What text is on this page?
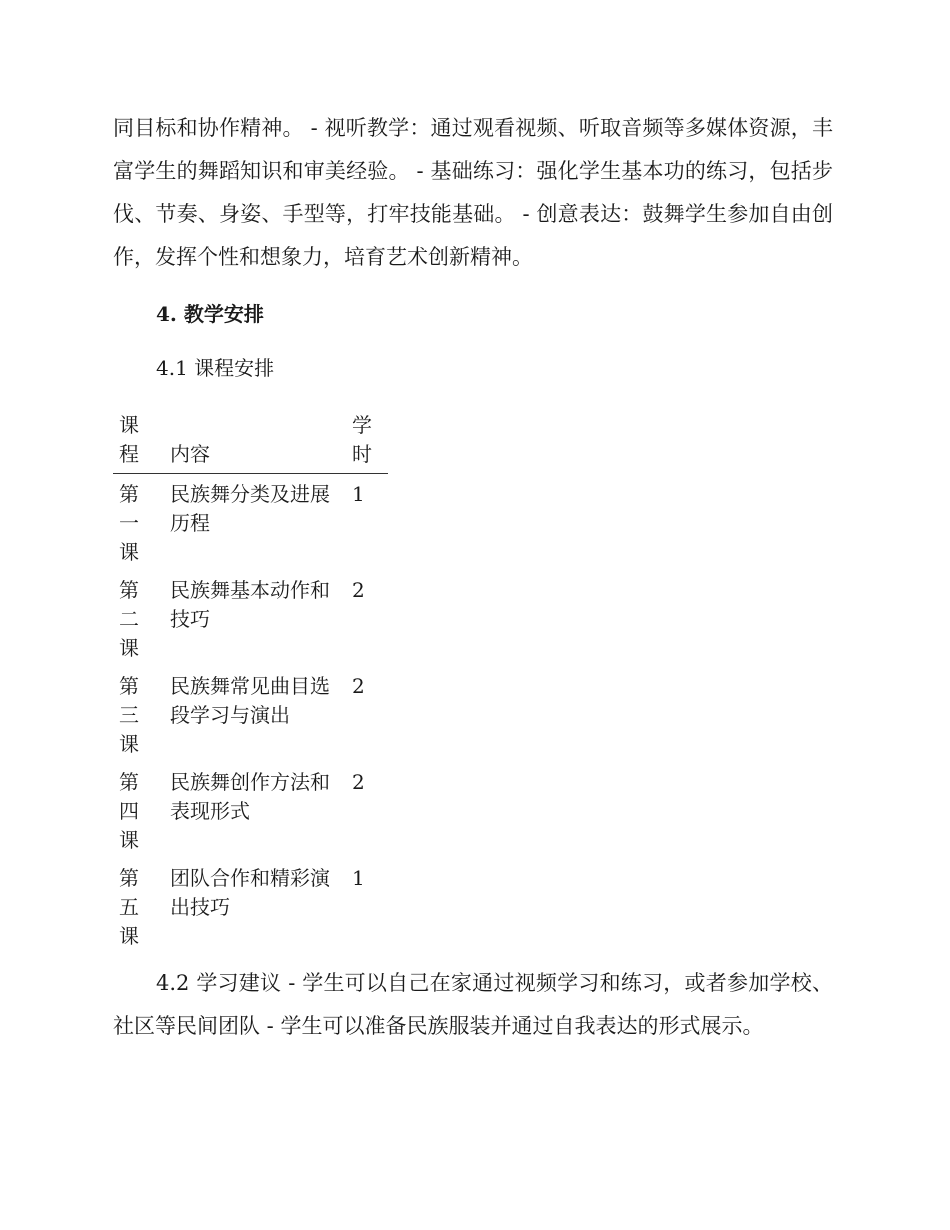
同目标和协作精神。 - 视听教学：通过观看视频、听取音频等多媒体资源，丰富学生的舞蹈知识和审美经验。 - 基础练习：强化学生基本功的练习，包括步伐、节奏、身姿、手型等，打牢技能基础。 - 创意表达：鼓舞学生参加自由创作，发挥个性和想象力，培育艺术创新精神。

4. 教学安排

4.1 课程安排

课程	内容	学时
第一课	民族舞分类及进展历程	1
第二课	民族舞基本动作和技巧	2
第三课	民族舞常见曲目选段学习与演出	2
第四课	民族舞创作方法和表现形式	2
第五课	团队合作和精彩演出技巧	1

4.2 学习建议 - 学生可以自己在家通过视频学习和练习，或者参加学校、社区等民间团队 - 学生可以准备民族服装并通过自我表达的形式展示。
